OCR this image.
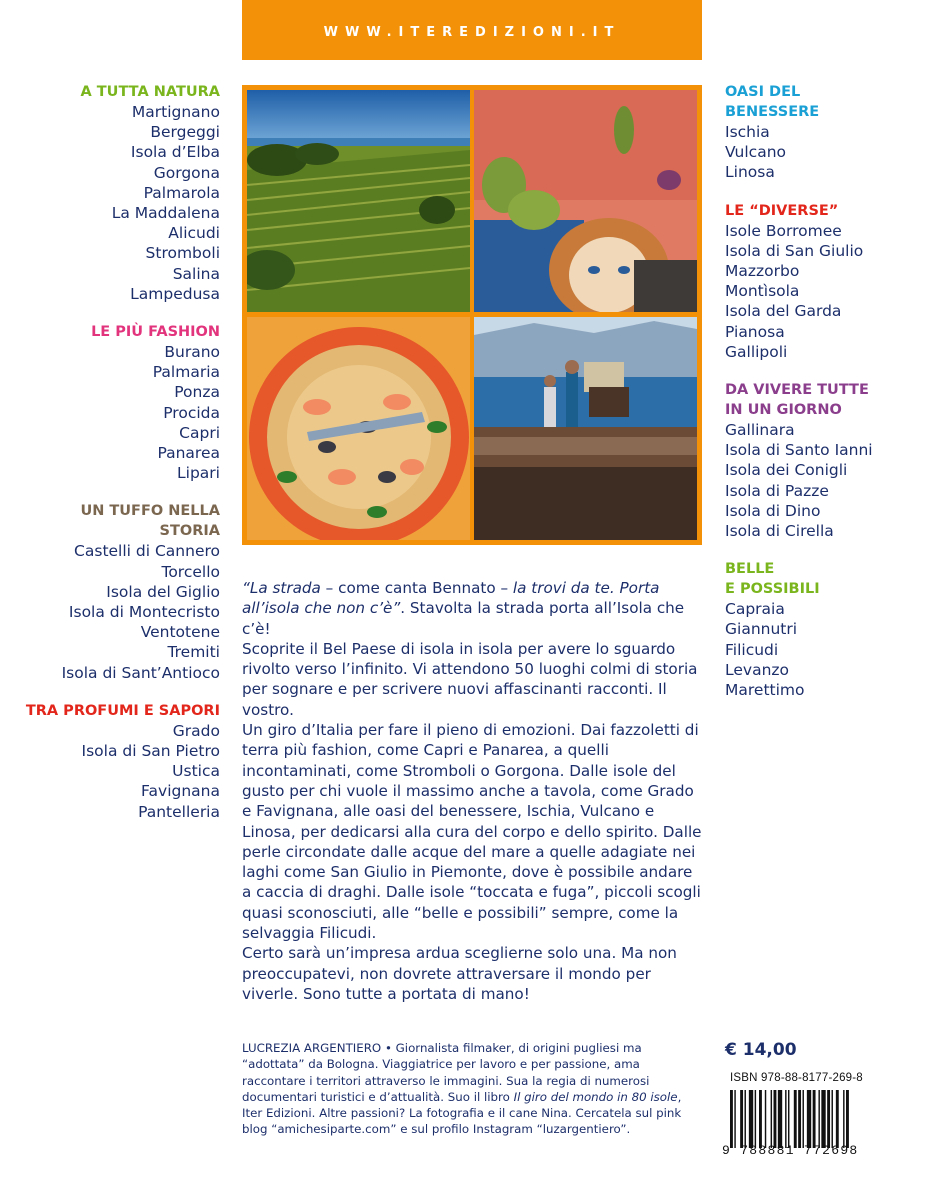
WWW.ITEREDIZIONI.IT
A TUTTA NATURA
Martignano
Bergeggi
Isola d’Elba
Gorgona
Palmarola
La Maddalena
Alicudi
Stromboli
Salina
Lampedusa
LE PIÙ FASHION
Burano
Palmaria
Ponza
Procida
Capri
Panarea
Lipari
UN TUFFO NELLA STORIA
Castelli di Cannero
Torcello
Isola del Giglio
Isola di Montecristo
Ventotene
Tremiti
Isola di Sant’Antioco
TRA PROFUMI E SAPORI
Grado
Isola di San Pietro
Ustica
Favignana
Pantelleria
OASI DEL
BENESSERE
Ischia
Vulcano
Linosa
LE “DIVERSE”
Isole Borromee
Isola di San Giulio
Mazzorbo
Montìsola
Isola del Garda
Pianosa
Gallipoli
DA VIVERE TUTTE
IN UN GIORNO
Gallinara
Isola di Santo Ianni
Isola dei Conigli
Isola di Pazze
Isola di Dino
Isola di Cirella
BELLE
E POSSIBILI
Capraia
Giannutri
Filicudi
Levanzo
Marettimo

“La strada – come canta Bennato – la trovi da te. Porta all’isola che non c’è”. Stavolta la strada porta all’Isola che c’è!

Scoprite il Bel Paese di isola in isola per avere lo sguardo rivolto verso l’infinito. Vi attendono 50 luoghi colmi di storia per sognare e per scrivere nuovi affascinanti racconti. Il vostro.

Un giro d’Italia per fare il pieno di emozioni. Dai fazzoletti di terra più fashion, come Capri e Panarea, a quelli incontaminati, come Stromboli o Gorgona. Dalle isole del gusto per chi vuole il massimo anche a tavola, come Grado e Favignana, alle oasi del benessere, Ischia, Vulcano e Linosa, per dedicarsi alla cura del corpo e dello spirito. Dalle perle circondate dalle acque del mare a quelle adagiate nei laghi come San Giulio in Piemonte, dove è possibile andare a caccia di draghi. Dalle isole “toccata e fuga”, piccoli scogli quasi sconosciuti, alle “belle e possibili” sempre, come la selvaggia Filicudi.

Certo sarà un’impresa ardua sceglierne solo una. Ma non preoccupatevi, non dovrete attraversare il mondo per viverle. Sono tutte a portata di mano!

LUCREZIA ARGENTIERO • Giornalista filmaker, di origini pugliesi ma “adottata” da Bologna. Viaggiatrice per lavoro e per passione, ama raccontare i territori attraverso le immagini. Sua la regia di numerosi documentari turistici e d’attualità. Suo il libro Il giro del mondo in 80 isole, Iter Edizioni. Altre passioni? La fotografia e il cane Nina. Cercatela sul pink blog “amichesiparte.com” e sul profilo Instagram “luzargentiero”.
€ 14,00
ISBN 978-88-8177-269-8
9 788881 772698
